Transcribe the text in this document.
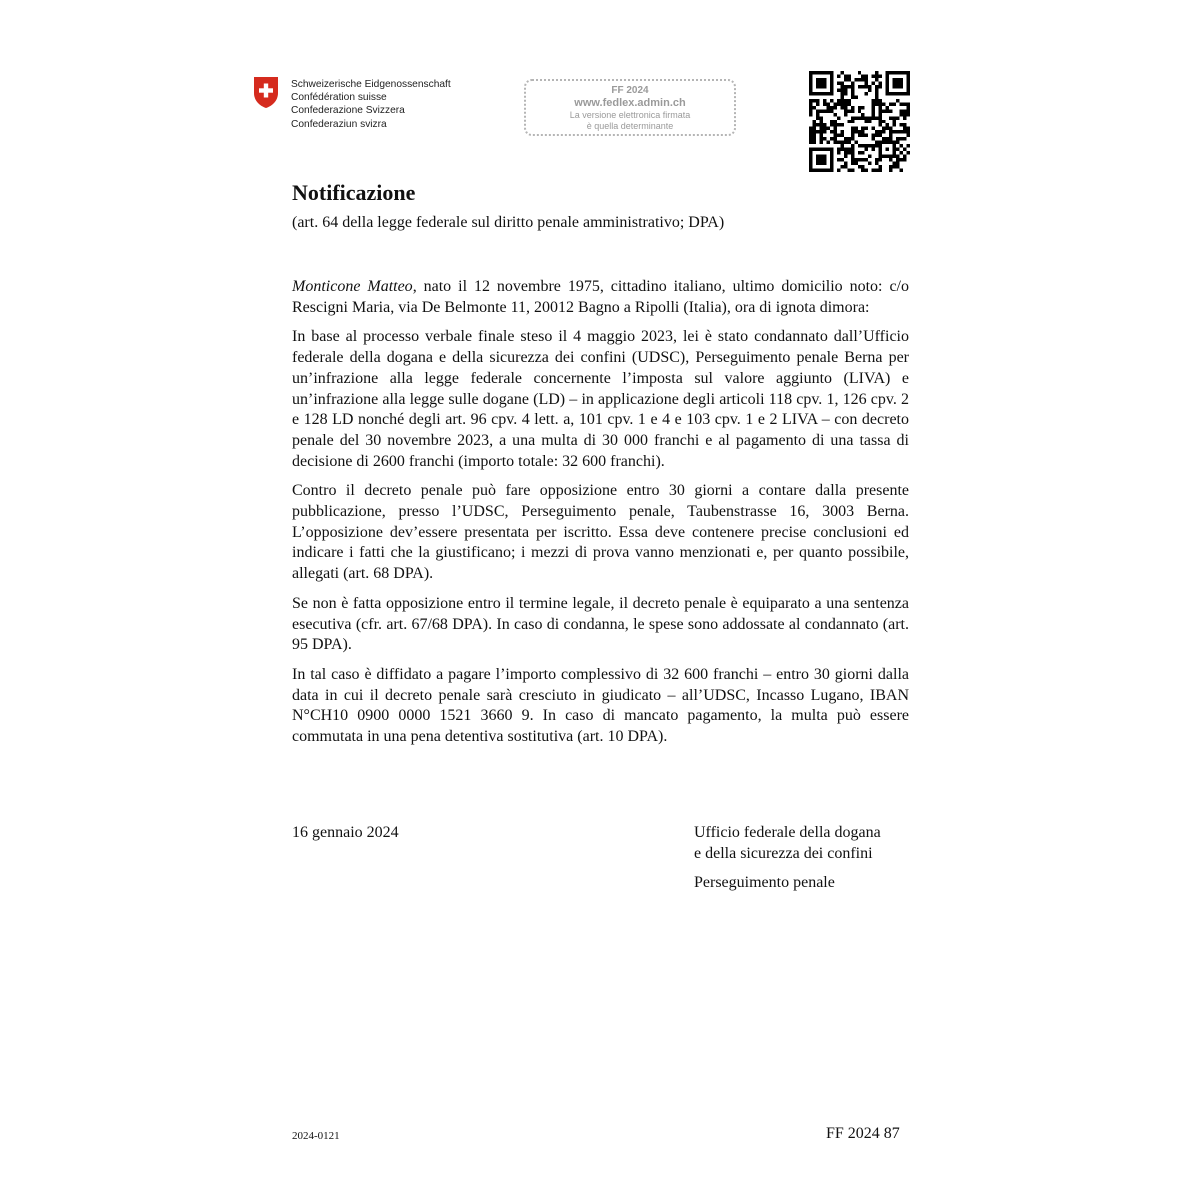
Schweizerische Eidgenossenschaft
Confédération suisse
Confederazione Svizzera
Confederaziun svizra
FF 2024
www.fedlex.admin.ch
La versione elettronica firmata
è quella determinante
Notificazione
(art. 64 della legge federale sul diritto penale amministrativo; DPA)

Monticone Matteo, nato il 12 novembre 1975, cittadino italiano, ultimo domicilio noto: c/o Rescigni Maria, via De Belmonte 11, 20012 Bagno a Ripolli (Italia), ora di ignota dimora:

In base al processo verbale finale steso il 4 maggio 2023, lei è stato condannato dall’Ufficio federale della dogana e della sicurezza dei confini (UDSC), Perseguimento penale Berna per un’infrazione alla legge federale concernente l’imposta sul valore aggiunto (LIVA) e un’infrazione alla legge sulle dogane (LD) – in applicazione degli articoli 118 cpv. 1, 126 cpv. 2 e 128 LD nonché degli art. 96 cpv. 4 lett. a, 101 cpv. 1 e 4 e 103 cpv. 1 e 2 LIVA – con decreto penale del 30 novembre 2023, a una multa di 30 000 franchi e al pagamento di una tassa di decisione di 2600 franchi (importo totale: 32 600 franchi).

Contro il decreto penale può fare opposizione entro 30 giorni a contare dalla presente pubblicazione, presso l’UDSC, Perseguimento penale, Taubenstrasse 16, 3003 Berna. L’opposizione dev’essere presentata per iscritto. Essa deve contenere precise conclusioni ed indicare i fatti che la giustificano; i mezzi di prova vanno menzionati e, per quanto possibile, allegati (art. 68 DPA).

Se non è fatta opposizione entro il termine legale, il decreto penale è equiparato a una sentenza esecutiva (cfr. art. 67/68 DPA). In caso di condanna, le spese sono addossate al condannato (art. 95 DPA).

In tal caso è diffidato a pagare l’importo complessivo di 32 600 franchi – entro 30 giorni dalla data in cui il decreto penale sarà cresciuto in giudicato – all’UDSC, Incasso Lugano, IBAN N°CH10 0900 0000 1521 3660 9. In caso di mancato pagamento, la multa può essere commutata in una pena detentiva sostitutiva (art. 10 DPA).

16 gennaio 2024	Ufficio federale della dogana
e della sicurezza dei confini
Perseguimento penale
2024-0121	FF 2024 87
